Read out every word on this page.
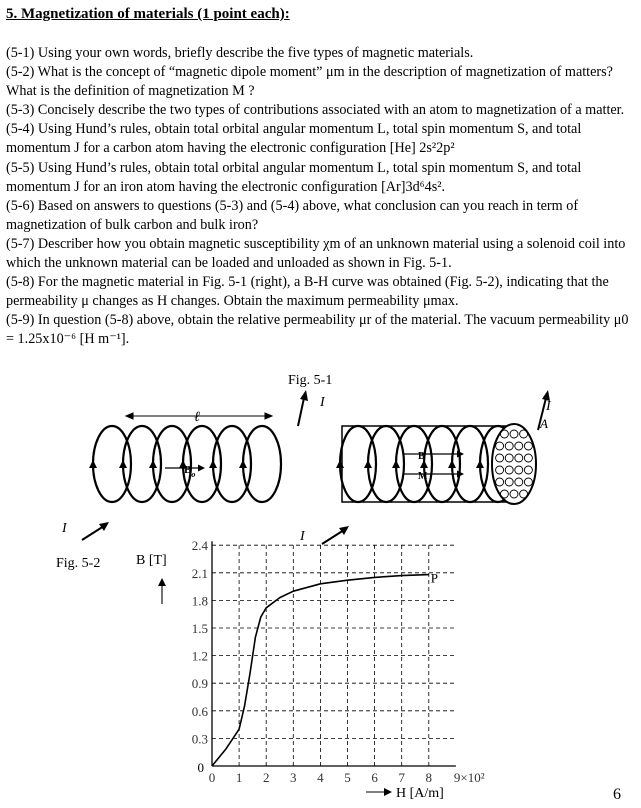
5. Magnetization of materials (1 point each):

(5-1) Using your own words, briefly describe the five types of magnetic materials.
(5-2) What is the concept of “magnetic dipole moment” μm in the description of magnetization of matters? What is the definition of magnetization M ?
(5-3) Concisely describe the two types of contributions associated with an atom to magnetization of a matter.
(5-4) Using Hund’s rules, obtain total orbital angular momentum L, total spin momentum S, and total momentum J for a carbon atom having the electronic configuration [He] 2s²2p²
(5-5) Using Hund’s rules, obtain total orbital angular momentum L, total spin momentum S, and total momentum J for an iron atom having the electronic configuration [Ar]3d⁶4s².
(5-6) Based on answers to questions (5-3) and (5-4) above, what conclusion can you reach in term of magnetization of bulk carbon and bulk iron?
(5-7) Describer how you obtain magnetic susceptibility χm of an unknown material using a solenoid coil into which the unknown material can be loaded and unloaded as shown in Fig. 5-1.
(5-8) For the magnetic material in Fig. 5-1 (right), a B-H curve was obtained (Fig. 5-2), indicating that the permeability μ changes as H changes. Obtain the maximum permeability μmax.
(5-9) In question (5-8) above, obtain the relative permeability μr of the material. The vacuum permeability μ0 = 1.25x10⁻⁶ [H m⁻¹].
Fig. 5-1
ℓ
$B_o$
I
I
B
M
I
I
A
Fig. 5-2
0.3
0.6
0.9
1.2
1.5
1.8
2.1
2.4
0 1 2 3 4 5 6 7 8
0
9×10²
B [T]
H [A/m]
P
6
